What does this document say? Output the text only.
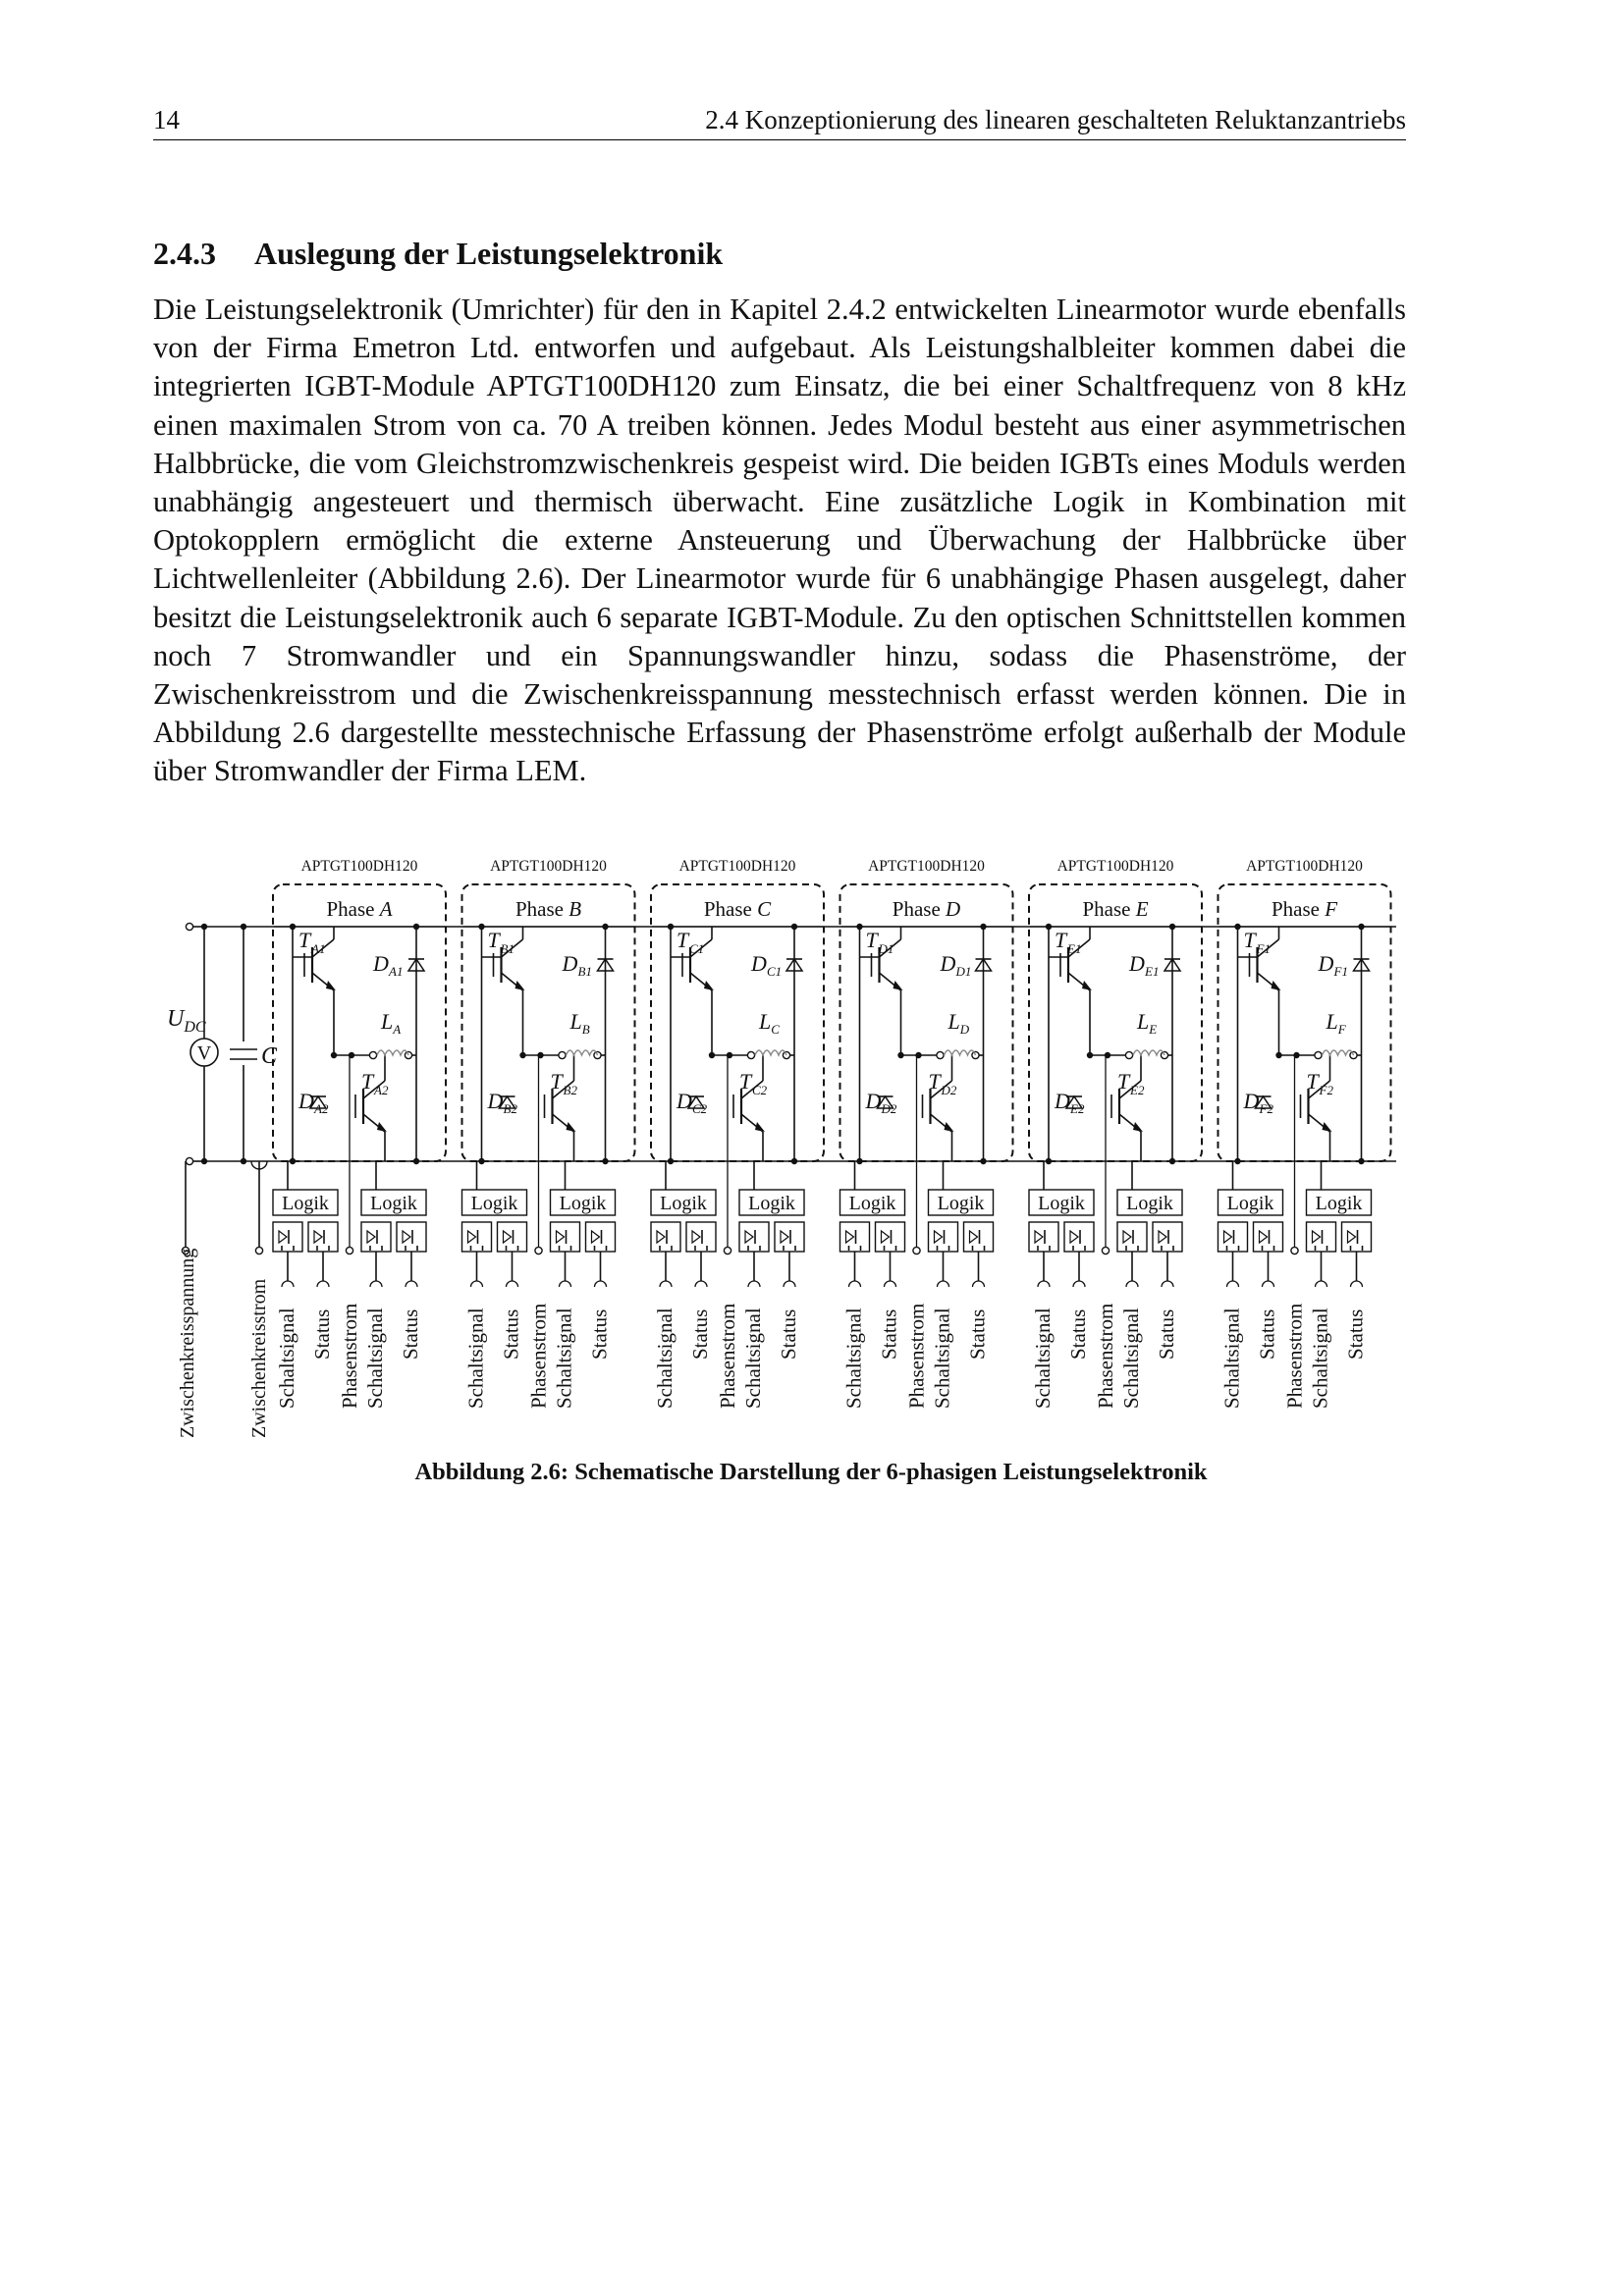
14	2.4 Konzeptionierung des linearen geschalteten Reluktanzantriebs
2.4.3 Auslegung der Leistungselektronik

Die Leistungselektronik (Umrichter) für den in Kapitel 2.4.2 entwickelten Linearmotor wurde ebenfalls von der Firma Emetron Ltd. entworfen und aufgebaut. Als Leistungshalbleiter kommen dabei die integrierten IGBT-Module APTGT100DH120 zum Einsatz, die bei einer Schaltfrequenz von 8 kHz einen maximalen Strom von ca. 70 A treiben können. Jedes Modul besteht aus einer asymmetrischen Halbbrücke, die vom Gleichstromzwischenkreis gespeist wird. Die beiden IGBTs eines Moduls werden unabhängig angesteuert und thermisch überwacht. Eine zusätzliche Logik in Kombination mit Optokopplern ermöglicht die externe Ansteuerung und Überwachung der Halbbrücke über Lichtwellenleiter (Abbildung 2.6). Der Linearmotor wurde für 6 unabhängige Phasen ausgelegt, daher besitzt die Leistungselektronik auch 6 separate IGBT-Module. Zu den optischen Schnittstellen kommen noch 7 Stromwandler und ein Spannungswandler hinzu, sodass die Phasenströme, der Zwischenkreisstrom und die Zwischenkreisspannung messtechnisch erfasst werden können. Die in Abbildung 2.6 dargestellte messtechnische Erfassung der Phasenströme erfolgt außerhalb der Module über Stromwandler der Firma LEM.

V
$U_{DC}$
C
Zwischenkreisspannung	Zwischenkreisstrom
APTGT100DH120
Phase A
T A1
D A1
T A2
D A2
$L_A$
Logik
Schaltsignal Status
Logik
Schaltsignal Status
Phasenstrom
APTGT100DH120
Phase B
T B1
D B1
T B2
D B2
$L_B$
Logik
Schaltsignal Status
Logik
Schaltsignal Status
Phasenstrom
APTGT100DH120
Phase C
T C1
D C1
T C2
D C2
$L_C$
Logik
Schaltsignal Status
Logik
Schaltsignal Status
Phasenstrom
APTGT100DH120
Phase D
T D1
D D1
T D2
D D2
$L_D$
Logik
Schaltsignal Status
Logik
Schaltsignal Status
Phasenstrom
APTGT100DH120
Phase E
T E1
D E1
T E2
D E2
$L_E$
Logik
Schaltsignal Status
Logik
Schaltsignal Status
Phasenstrom
APTGT100DH120
Phase F
T F1
D F1
T F2
D F2
$L_F$
Logik
Schaltsignal Status
Logik
Schaltsignal Status
Phasenstrom
Abbildung 2.6: Schematische Darstellung der 6-phasigen Leistungselektronik
